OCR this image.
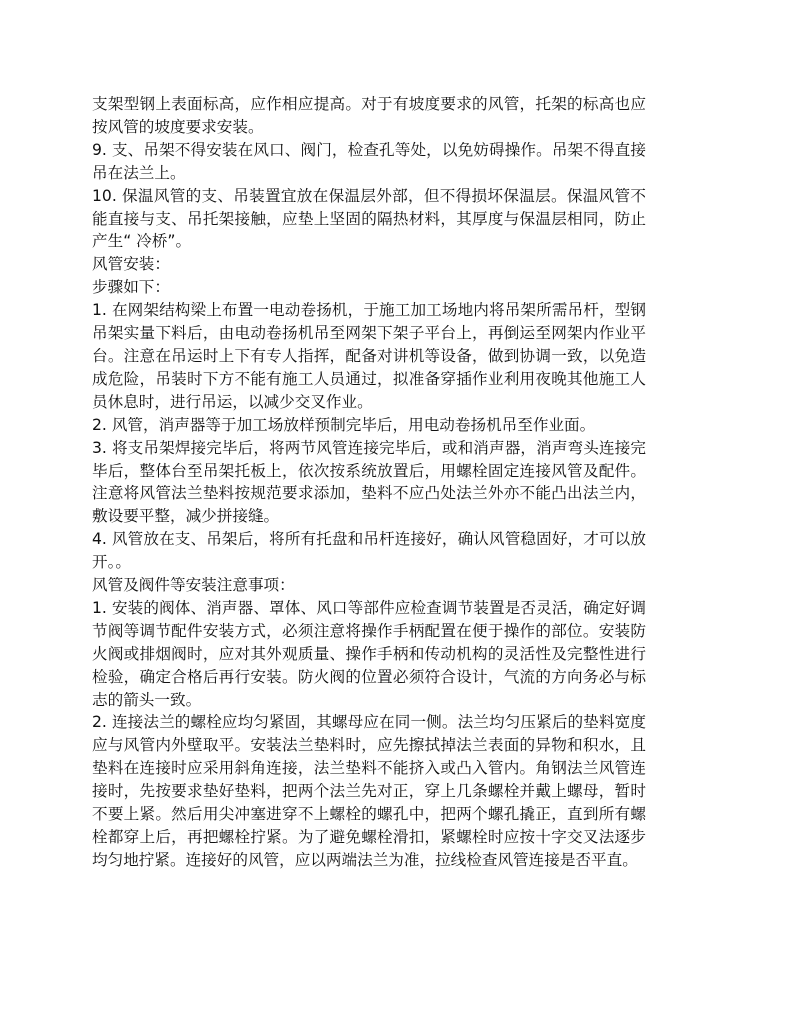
支架型钢上表面标高，应作相应提高。对于有坡度要求的风管，托架的标高也应按风管的坡度要求安装。

9. 支、吊架不得安装在风口、阀门，检查孔等处，以免妨碍操作。吊架不得直接吊在法兰上。

10. 保温风管的支、吊装置宜放在保温层外部，但不得损坏保温层。保温风管不能直接与支、吊托架接触，应垫上坚固的隔热材料，其厚度与保温层相同，防止产生“ 冷桥”。

风管安装：

步骤如下：

1. 在网架结构梁上布置一电动卷扬机，于施工加工场地内将吊架所需吊杆，型钢吊架实量下料后，由电动卷扬机吊至网架下架子平台上，再倒运至网架内作业平台。注意在吊运时上下有专人指挥，配备对讲机等设备，做到协调一致，以免造成危险，吊装时下方不能有施工人员通过，拟准备穿插作业利用夜晚其他施工人员休息时，进行吊运，以减少交叉作业。

2. 风管，消声器等于加工场放样预制完毕后，用电动卷扬机吊至作业面。

3. 将支吊架焊接完毕后，将两节风管连接完毕后，或和消声器，消声弯头连接完毕后，整体台至吊架托板上，依次按系统放置后，用螺栓固定连接风管及配件。注意将风管法兰垫料按规范要求添加，垫料不应凸处法兰外亦不能凸出法兰内，敷设要平整，减少拼接缝。

4. 风管放在支、吊架后，将所有托盘和吊杆连接好，确认风管稳固好，才可以放开。。

风管及阀件等安装注意事项：

1. 安装的阀体、消声器、罩体、风口等部件应检查调节装置是否灵活，确定好调节阀等调节配件安装方式，必须注意将操作手柄配置在便于操作的部位。安装防火阀或排烟阀时，应对其外观质量、操作手柄和传动机构的灵活性及完整性进行检验，确定合格后再行安装。防火阀的位置必须符合设计，气流的方向务必与标志的箭头一致。

2. 连接法兰的螺栓应均匀紧固，其螺母应在同一侧。法兰均匀压紧后的垫料宽度应与风管内外壁取平。安装法兰垫料时，应先擦拭掉法兰表面的异物和积水，且垫料在连接时应采用斜角连接，法兰垫料不能挤入或凸入管内。角钢法兰风管连接时，先按要求垫好垫料，把两个法兰先对正，穿上几条螺栓并戴上螺母，暂时不要上紧。然后用尖冲塞进穿不上螺栓的螺孔中，把两个螺孔撬正，直到所有螺栓都穿上后，再把螺栓拧紧。为了避免螺栓滑扣，紧螺栓时应按十字交叉法逐步均匀地拧紧。连接好的风管，应以两端法兰为准，拉线检查风管连接是否平直。
